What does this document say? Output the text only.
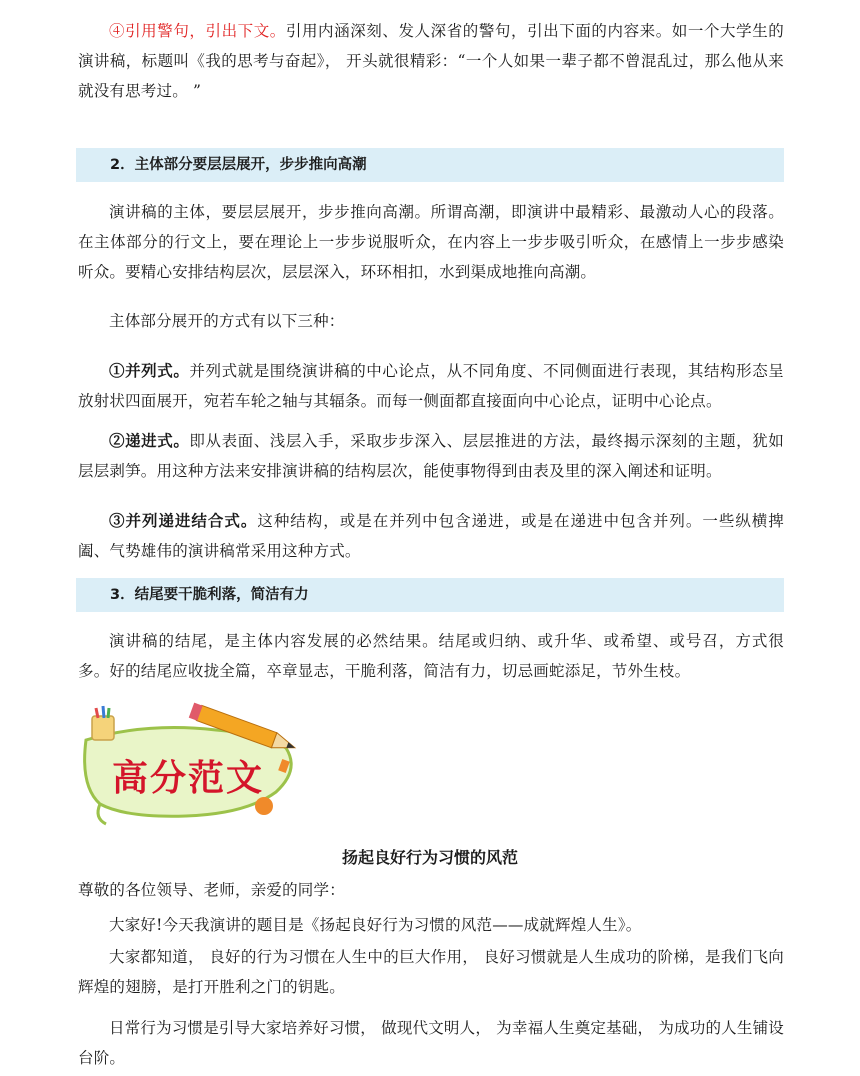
④引用警句，引出下文。引用内涵深刻、发人深省的警句，引出下面的内容来。如一个大学生的演讲稿，标题叫《我的思考与奋起》， 开头就很精彩：“一个人如果一辈子都不曾混乱过，那么他从来就没有思考过。 ”

2．主体部分要层层展开，步步推向高潮

演讲稿的主体，要层层展开，步步推向高潮。所谓高潮，即演讲中最精彩、最激动人心的段落。在主体部分的行文上，要在理论上一步步说服听众，在内容上一步步吸引听众，在感情上一步步感染听众。要精心安排结构层次，层层深入，环环相扣，水到渠成地推向高潮。

主体部分展开的方式有以下三种：

①并列式。并列式就是围绕演讲稿的中心论点，从不同角度、不同侧面进行表现，其结构形态呈放射状四面展开，宛若车轮之轴与其辐条。而每一侧面都直接面向中心论点，证明中心论点。

②递进式。即从表面、浅层入手，采取步步深入、层层推进的方法，最终揭示深刻的主题，犹如层层剥笋。用这种方法来安排演讲稿的结构层次，能使事物得到由表及里的深入阐述和证明。

③并列递进结合式。这种结构，或是在并列中包含递进，或是在递进中包含并列。一些纵横捭阖、气势雄伟的演讲稿常采用这种方式。

3．结尾要干脆利落，简洁有力

演讲稿的结尾，是主体内容发展的必然结果。结尾或归纳、或升华、或希望、或号召，方式很多。好的结尾应收拢全篇，卒章显志，干脆利落，简洁有力，切忌画蛇添足，节外生枝。

高分范文
扬起良好行为习惯的风范

尊敬的各位领导、老师，亲爱的同学：

大家好!今天我演讲的题目是《扬起良好行为习惯的风范——成就辉煌人生》。

大家都知道， 良好的行为习惯在人生中的巨大作用， 良好习惯就是人生成功的阶梯，是我们飞向辉煌的翅膀，是打开胜利之门的钥匙。

日常行为习惯是引导大家培养好习惯， 做现代文明人， 为幸福人生奠定基础， 为成功的人生铺设台阶。
